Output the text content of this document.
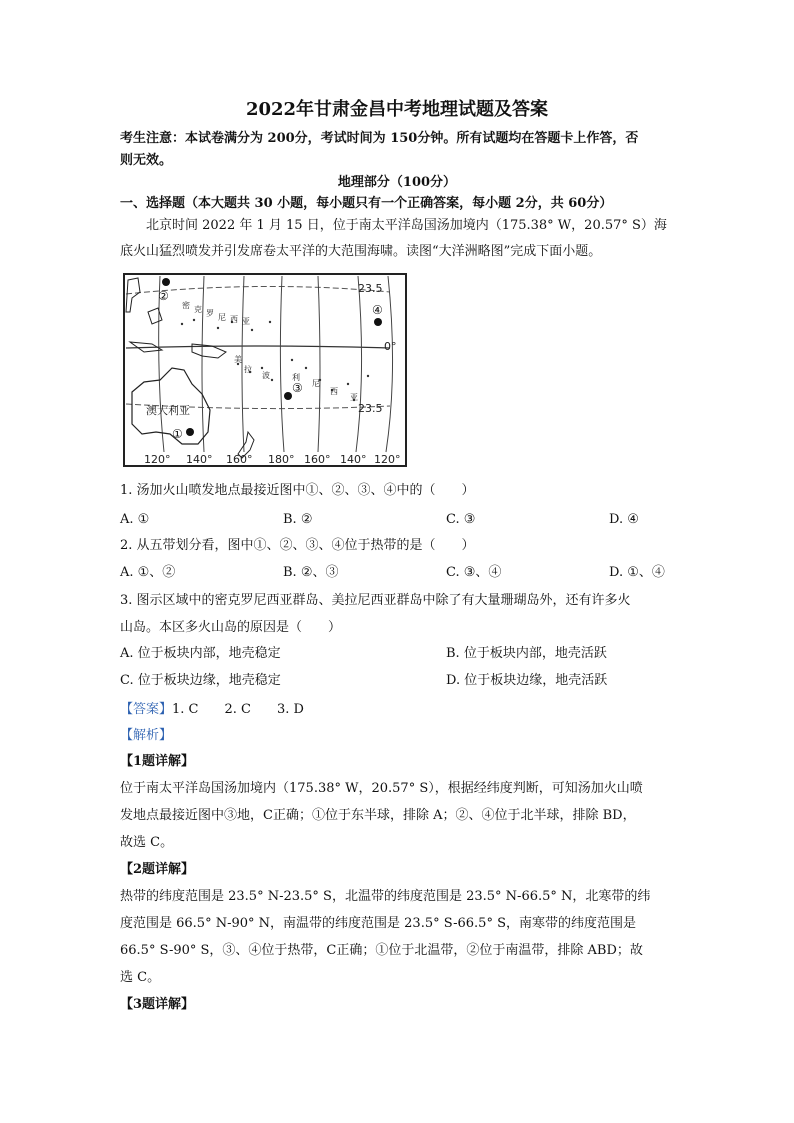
2022年甘肃金昌中考地理试题及答案
考生注意：本试卷满分为 200分，考试时间为 150分钟。所有试题均在答题卡上作答，否
则无效。
地理部分（100分）
一、选择题（本大题共 30 小题，每小题只有一个正确答案，每小题 2分，共 60分）
北京时间 2022 年 1 月 15 日，位于南太平洋岛国汤加境内（175.38° W，20.57° S）海
底火山猛烈喷发并引发席卷太平洋的大范围海啸。读图“大洋洲略图”完成下面小题。
密 克 罗 尼 西 亚
美
拉
波	利
尼
西
亚
23.5
0°
23.5
澳大利亚
②
①
③
④
120° 140° 160° 180° 160° 140° 120°
1. 汤加火山喷发地点最接近图中①、②、③、④中的（　　）
A. ①	B. ②	C. ③	D. ④
2. 从五带划分看，图中①、②、③、④位于热带的是（　　）
A. ①、②	B. ②、③	C. ③、④	D. ①、④
3. 图示区域中的密克罗尼西亚群岛、美拉尼西亚群岛中除了有大量珊瑚岛外，还有许多火
山岛。本区多火山岛的原因是（　　）
A. 位于板块内部，地壳稳定	B. 位于板块内部，地壳活跃
C. 位于板块边缘，地壳稳定	D. 位于板块边缘，地壳活跃
【答案】1. C　　2. C　　3. D
【解析】
【1题详解】
位于南太平洋岛国汤加境内（175.38° W，20.57° S），根据经纬度判断，可知汤加火山喷
发地点最接近图中③地，C正确；①位于东半球，排除 A；②、④位于北半球，排除 BD，
故选 C。
【2题详解】
热带的纬度范围是 23.5° N-23.5° S，北温带的纬度范围是 23.5° N-66.5° N，北寒带的纬
度范围是 66.5° N-90° N，南温带的纬度范围是 23.5° S-66.5° S，南寒带的纬度范围是
66.5° S-90° S，③、④位于热带，C正确；①位于北温带，②位于南温带，排除 ABD；故
选 C。
【3题详解】
